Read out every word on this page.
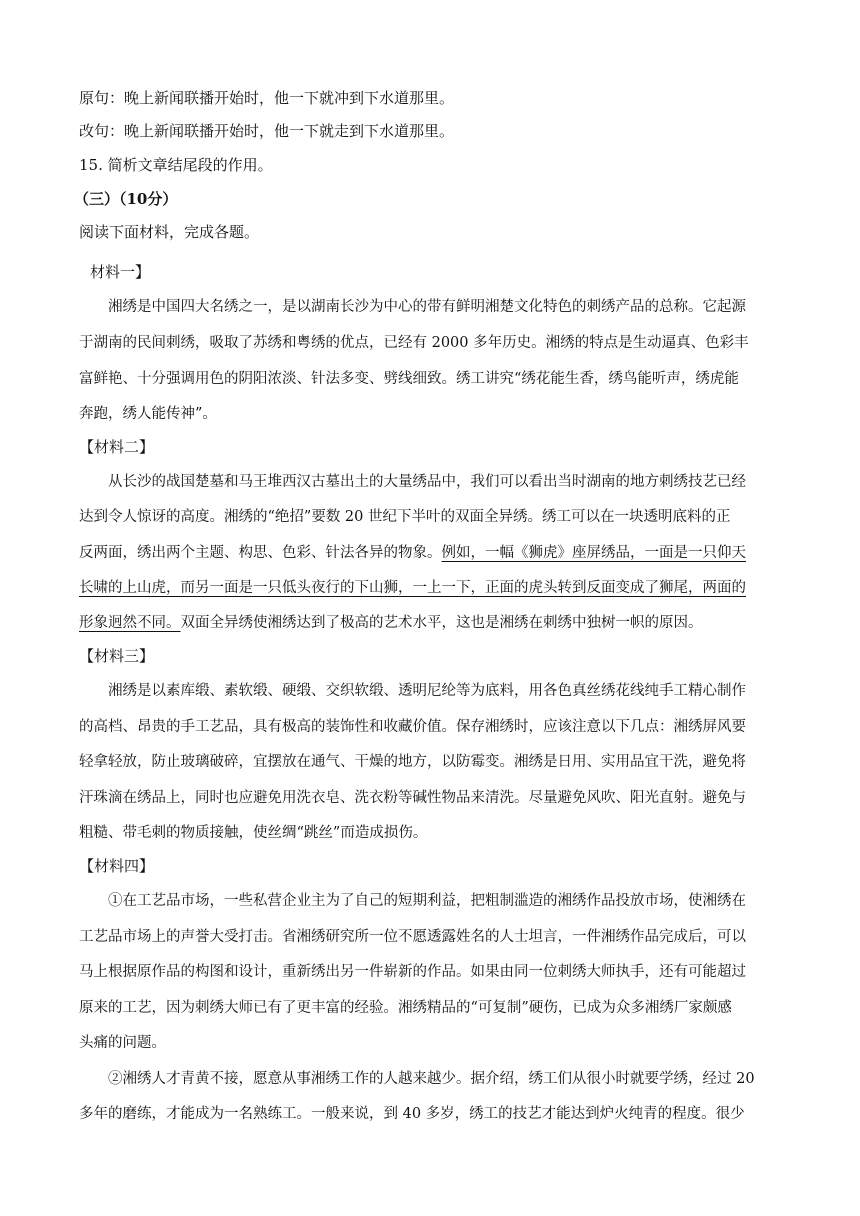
原句：晚上新闻联播开始时，他一下就冲到下水道那里。
改句：晚上新闻联播开始时，他一下就走到下水道那里。
15. 简析文章结尾段的作用。
（三）（10分）
阅读下面材料，完成各题。
材料一】
湘绣是中国四大名绣之一，是以湖南长沙为中心的带有鲜明湘楚文化特色的刺绣产品的总称。它起源
于湖南的民间刺绣，吸取了苏绣和粤绣的优点，已经有 2000 多年历史。湘绣的特点是生动逼真、色彩丰
富鲜艳、十分强调用色的阴阳浓淡、针法多变、劈线细致。绣工讲究“绣花能生香，绣鸟能听声，绣虎能
奔跑，绣人能传神”。
【材料二】
从长沙的战国楚墓和马王堆西汉古墓出土的大量绣品中，我们可以看出当时湖南的地方刺绣技艺已经
达到令人惊讶的高度。湘绣的“绝招”要数 20 世纪下半叶的双面全异绣。绣工可以在一块透明底料的正
反两面，绣出两个主题、构思、色彩、针法各异的物象。例如，一幅《狮虎》座屏绣品，一面是一只仰天
长啸的上山虎，而另一面是一只低头夜行的下山狮，一上一下，正面的虎头转到反面变成了狮尾，两面的
形象迥然不同。双面全异绣使湘绣达到了极高的艺术水平，这也是湘绣在刺绣中独树一帜的原因。
【材料三】
湘绣是以素库缎、素软缎、硬缎、交织软缎、透明尼纶等为底料，用各色真丝绣花线纯手工精心制作
的高档、昂贵的手工艺品，具有极高的装饰性和收藏价值。保存湘绣时，应该注意以下几点：湘绣屏风要
轻拿轻放，防止玻璃破碎，宜摆放在通气、干燥的地方，以防霉变。湘绣是日用、实用品宜干洗，避免将
汗珠滴在绣品上，同时也应避免用洗衣皂、洗衣粉等碱性物品来清洗。尽量避免风吹、阳光直射。避免与
粗糙、带毛刺的物质接触，使丝绸“跳丝”而造成损伤。
【材料四】
①在工艺品市场，一些私营企业主为了自己的短期利益，把粗制滥造的湘绣作品投放市场，使湘绣在
工艺品市场上的声誉大受打击。省湘绣研究所一位不愿透露姓名的人士坦言，一件湘绣作品完成后，可以
马上根据原作品的构图和设计，重新绣出另一件崭新的作品。如果由同一位刺绣大师执手，还有可能超过
原来的工艺，因为刺绣大师已有了更丰富的经验。湘绣精品的“可复制”硬伤，已成为众多湘绣厂家颇感
头痛的问题。
②湘绣人才青黄不接，愿意从事湘绣工作的人越来越少。据介绍，绣工们从很小时就要学绣，经过 20
多年的磨练，才能成为一名熟练工。一般来说，到 40 多岁，绣工的技艺才能达到炉火纯青的程度。很少
